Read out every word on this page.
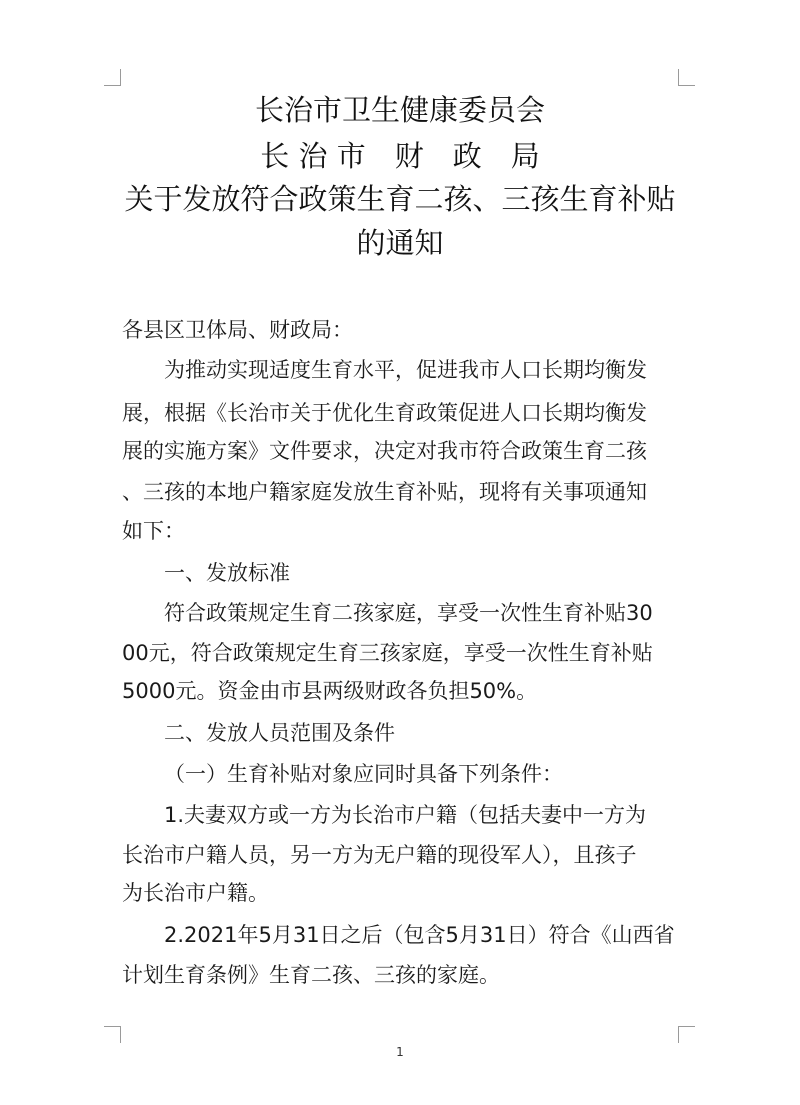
长治市卫生健康委员会
长 治 市　财　政　局
关于发放符合政策生育二孩、三孩生育补贴
的通知

各县区卫体局、财政局：

为推动实现适度生育水平，促进我市人口长期均衡发

展，根据《长治市关于优化生育政策促进人口长期均衡发

展的实施方案》文件要求，决定对我市符合政策生育二孩

、三孩的本地户籍家庭发放生育补贴，现将有关事项通知

如下：

一、发放标准

符合政策规定生育二孩家庭，享受一次性生育补贴30

00元，符合政策规定生育三孩家庭，享受一次性生育补贴

5000元。资金由市县两级财政各负担50%。

二、发放人员范围及条件

（一）生育补贴对象应同时具备下列条件：

1.夫妻双方或一方为长治市户籍（包括夫妻中一方为

长治市户籍人员，另一方为无户籍的现役军人），且孩子

为长治市户籍。

2.2021年5月31日之后（包含5月31日）符合《山西省

计划生育条例》生育二孩、三孩的家庭。

1
